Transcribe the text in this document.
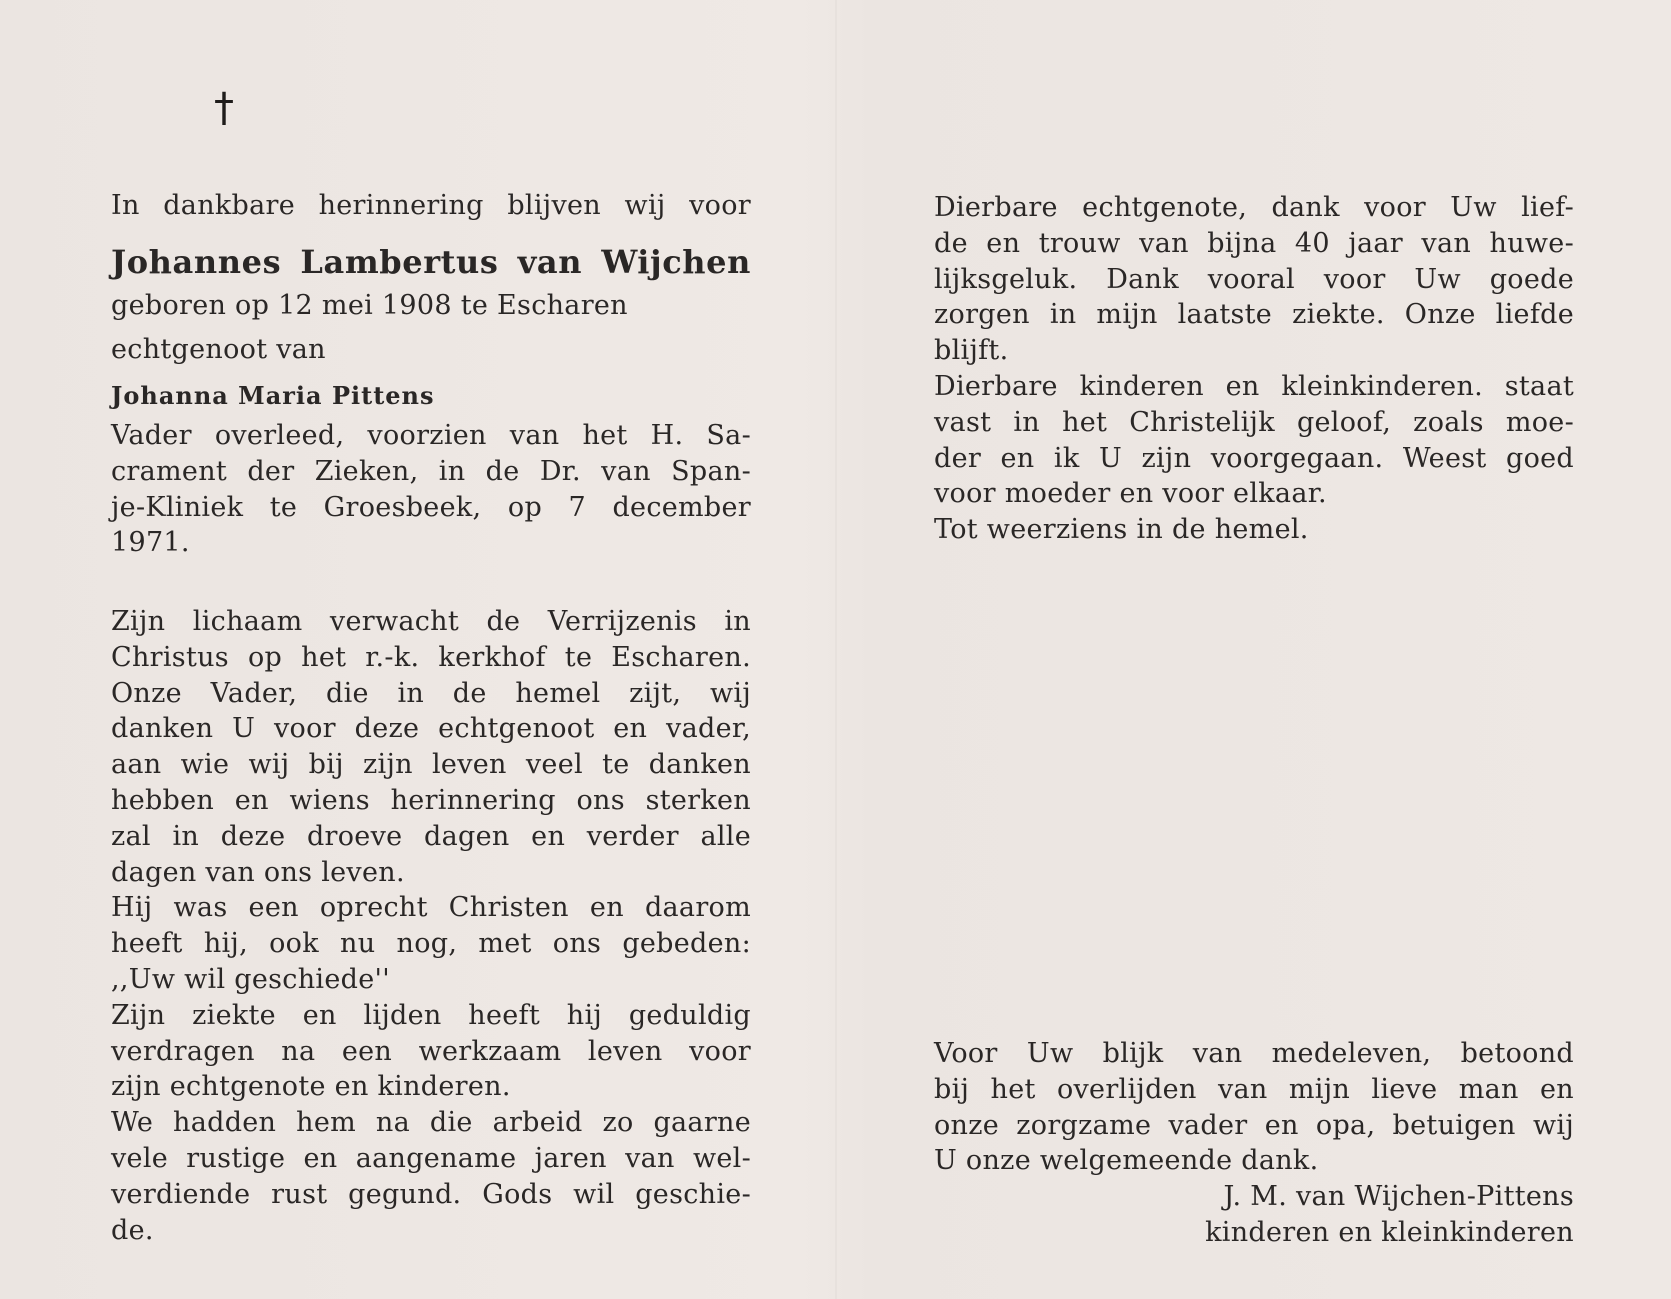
†
In dankbare herinnering blijven wij voor
Johannes Lambertus van Wijchen
geboren op 12 mei 1908 te Escharen
echtgenoot van
Johanna Maria Pittens
Vader overleed, voorzien van het H. Sa-
crament der Zieken, in de Dr. van Span-
je-Kliniek te Groesbeek, op 7 december
1971.
Zijn lichaam verwacht de Verrijzenis in
Christus op het r.-k. kerkhof te Escharen.
Onze Vader, die in de hemel zijt, wij
danken U voor deze echtgenoot en vader,
aan wie wij bij zijn leven veel te danken
hebben en wiens herinnering ons sterken
zal in deze droeve dagen en verder alle
dagen van ons leven.
Hij was een oprecht Christen en daarom
heeft hij, ook nu nog, met ons gebeden:
,,Uw wil geschiede''
Zijn ziekte en lijden heeft hij geduldig
verdragen na een werkzaam leven voor
zijn echtgenote en kinderen.
We hadden hem na die arbeid zo gaarne
vele rustige en aangename jaren van wel-
verdiende rust gegund. Gods wil geschie-
de.
Dierbare echtgenote, dank voor Uw lief-
de en trouw van bijna 40 jaar van huwe-
lijksgeluk. Dank vooral voor Uw goede
zorgen in mijn laatste ziekte. Onze liefde
blijft.
Dierbare kinderen en kleinkinderen. staat
vast in het Christelijk geloof, zoals moe-
der en ik U zijn voorgegaan. Weest goed
voor moeder en voor elkaar.
Tot weerziens in de hemel.
Voor Uw blijk van medeleven, betoond
bij het overlijden van mijn lieve man en
onze zorgzame vader en opa, betuigen wij
U onze welgemeende dank.
J. M. van Wijchen-Pittens
kinderen en kleinkinderen
